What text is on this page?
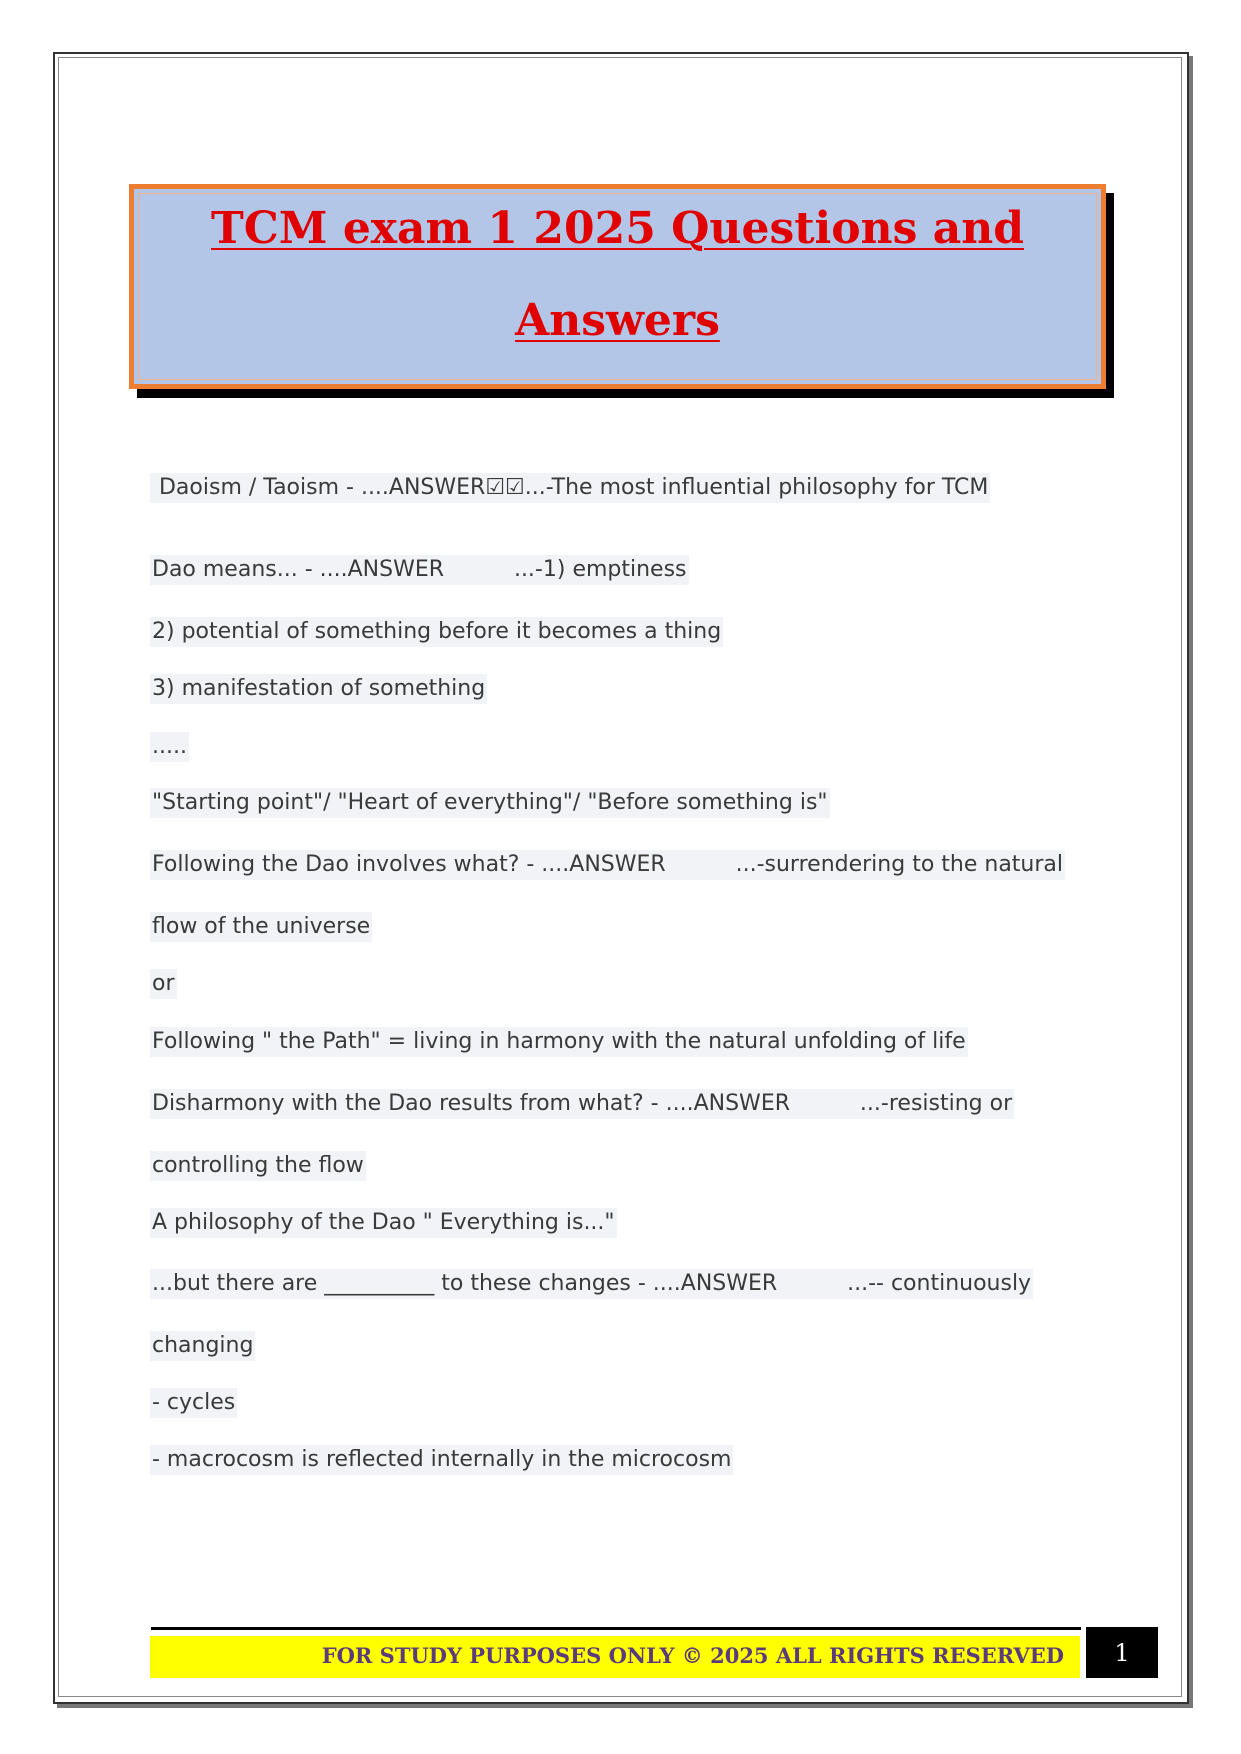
TCM exam 1 2025 Questions and
Answers
Daoism / Taoism - ....ANSWER☑☑...-The most influential philosophy for TCM
Dao means... - ....ANSWER          ...-1) emptiness
2) potential of something before it becomes a thing
3) manifestation of something
.....
"Starting point"/ "Heart of everything"/ "Before something is"
Following the Dao involves what? - ....ANSWER          ...-surrendering to the natural
flow of the universe
or
Following " the Path" = living in harmony with the natural unfolding of life
Disharmony with the Dao results from what? - ....ANSWER          ...-resisting or
controlling the flow
A philosophy of the Dao " Everything is..."
...but there are __________ to these changes - ....ANSWER          ...-- continuously
changing
- cycles
- macrocosm is reflected internally in the microcosm
FOR STUDY PURPOSES ONLY © 2025 ALL RIGHTS RESERVED	1
